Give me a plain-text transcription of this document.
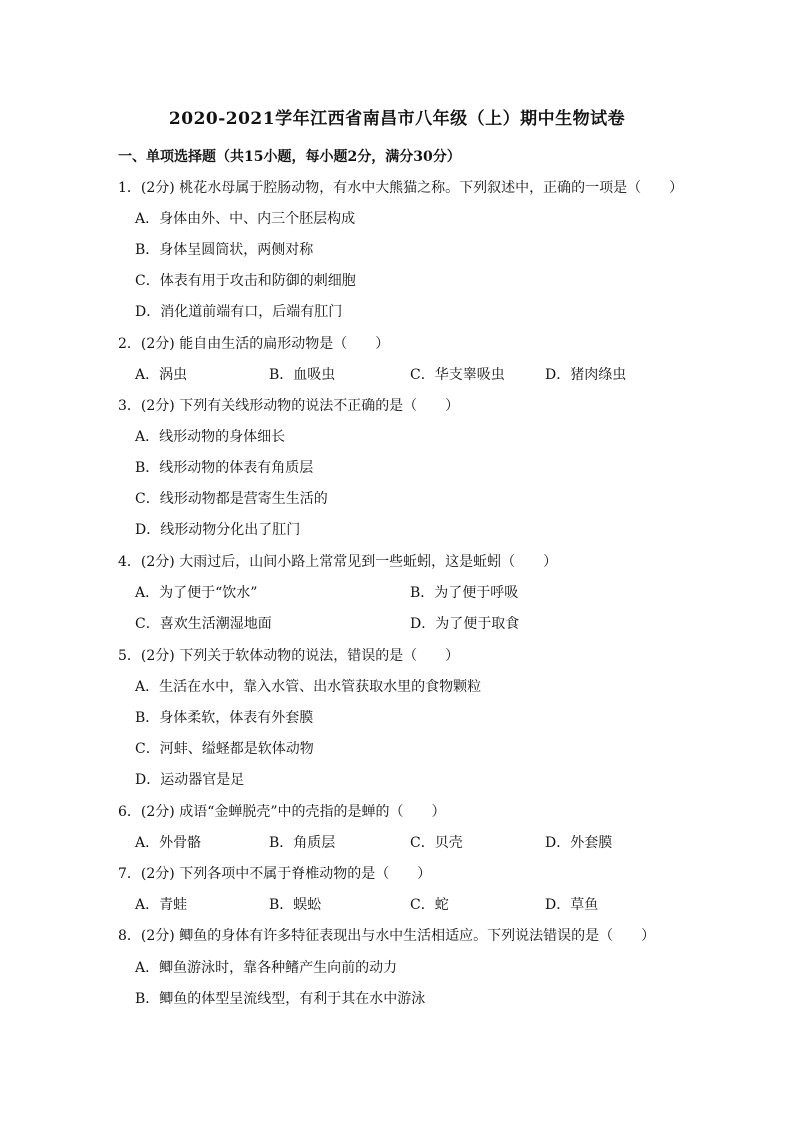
2020-2021学年江西省南昌市八年级（上）期中生物试卷
一、单项选择题（共15小题，每小题2分，满分30分）
1．(2分) 桃花水母属于腔肠动物，有水中大熊猫之称。下列叙述中，正确的一项是（　　）
A．身体由外、中、内三个胚层构成
B．身体呈圆筒状，两侧对称
C．体表有用于攻击和防御的刺细胞
D．消化道前端有口，后端有肛门
2．(2分) 能自由生活的扁形动物是（　　）
A．涡虫	B．血吸虫	C．华支睾吸虫	D．猪肉绦虫
3．(2分) 下列有关线形动物的说法不正确的是（　　）
A．线形动物的身体细长
B．线形动物的体表有角质层
C．线形动物都是营寄生生活的
D．线形动物分化出了肛门
4．(2分) 大雨过后，山间小路上常常见到一些蚯蚓，这是蚯蚓（　　）
A．为了便于“饮水”	B．为了便于呼吸
C．喜欢生活潮湿地面	D．为了便于取食
5．(2分) 下列关于软体动物的说法，错误的是（　　）
A．生活在水中，靠入水管、出水管获取水里的食物颗粒
B．身体柔软，体表有外套膜
C．河蚌、缢蛏都是软体动物
D．运动器官是足
6．(2分) 成语“金蝉脱壳”中的壳指的是蝉的（　　）
A．外骨骼	B．角质层	C．贝壳	D．外套膜
7．(2分) 下列各项中不属于脊椎动物的是（　　）
A．青蛙	B．蜈蚣	C．蛇	D．草鱼
8．(2分) 鲫鱼的身体有许多特征表现出与水中生活相适应。下列说法错误的是（　　）
A．鲫鱼游泳时，靠各种鳍产生向前的动力
B．鲫鱼的体型呈流线型，有利于其在水中游泳
